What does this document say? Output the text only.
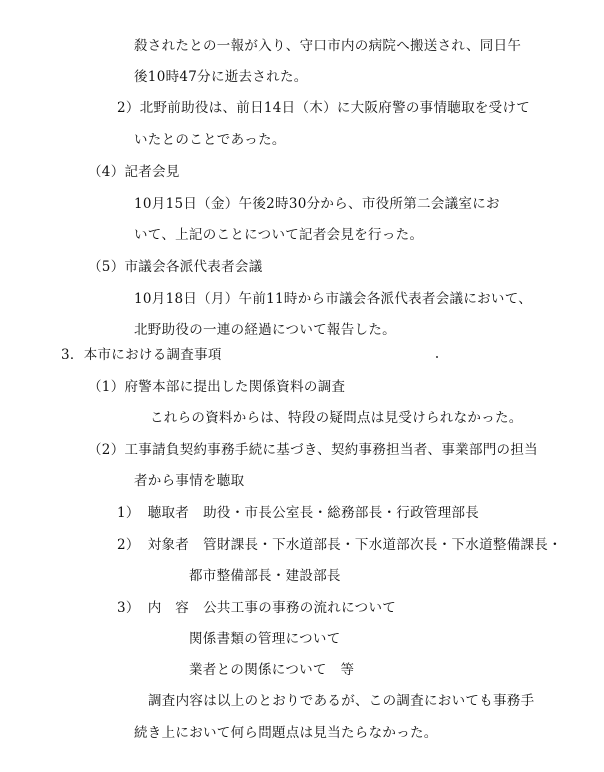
殺されたとの一報が入り、守口市内の病院へ搬送され、同日午
後10時47分に逝去された。
2）北野前助役は、前日14日（木）に大阪府警の事情聴取を受けて
いたとのことであった。
（4）記者会見
10月15日（金）午後2時30分から、市役所第二会議室にお
いて、上記のことについて記者会見を行った。
（5）市議会各派代表者会議
10月18日（月）午前11時から市議会各派代表者会議において、
北野助役の一連の経過について報告した。
3．本市における調査事項
（1）府警本部に提出した関係資料の調査
これらの資料からは、特段の疑問点は見受けられなかった。
（2）工事請負契約事務手続に基づき、契約事務担当者、事業部門の担当
者から事情を聴取
1） 聴取者 助役・市長公室長・総務部長・行政管理部長
2） 対象者 管財課長・下水道部長・下水道部次長・下水道整備課長・
都市整備部長・建設部長
3） 内　容 公共工事の事務の流れについて
関係書類の管理について
業者との関係について　等
調査内容は以上のとおりであるが、この調査においても事務手
続き上において何ら問題点は見当たらなかった。
